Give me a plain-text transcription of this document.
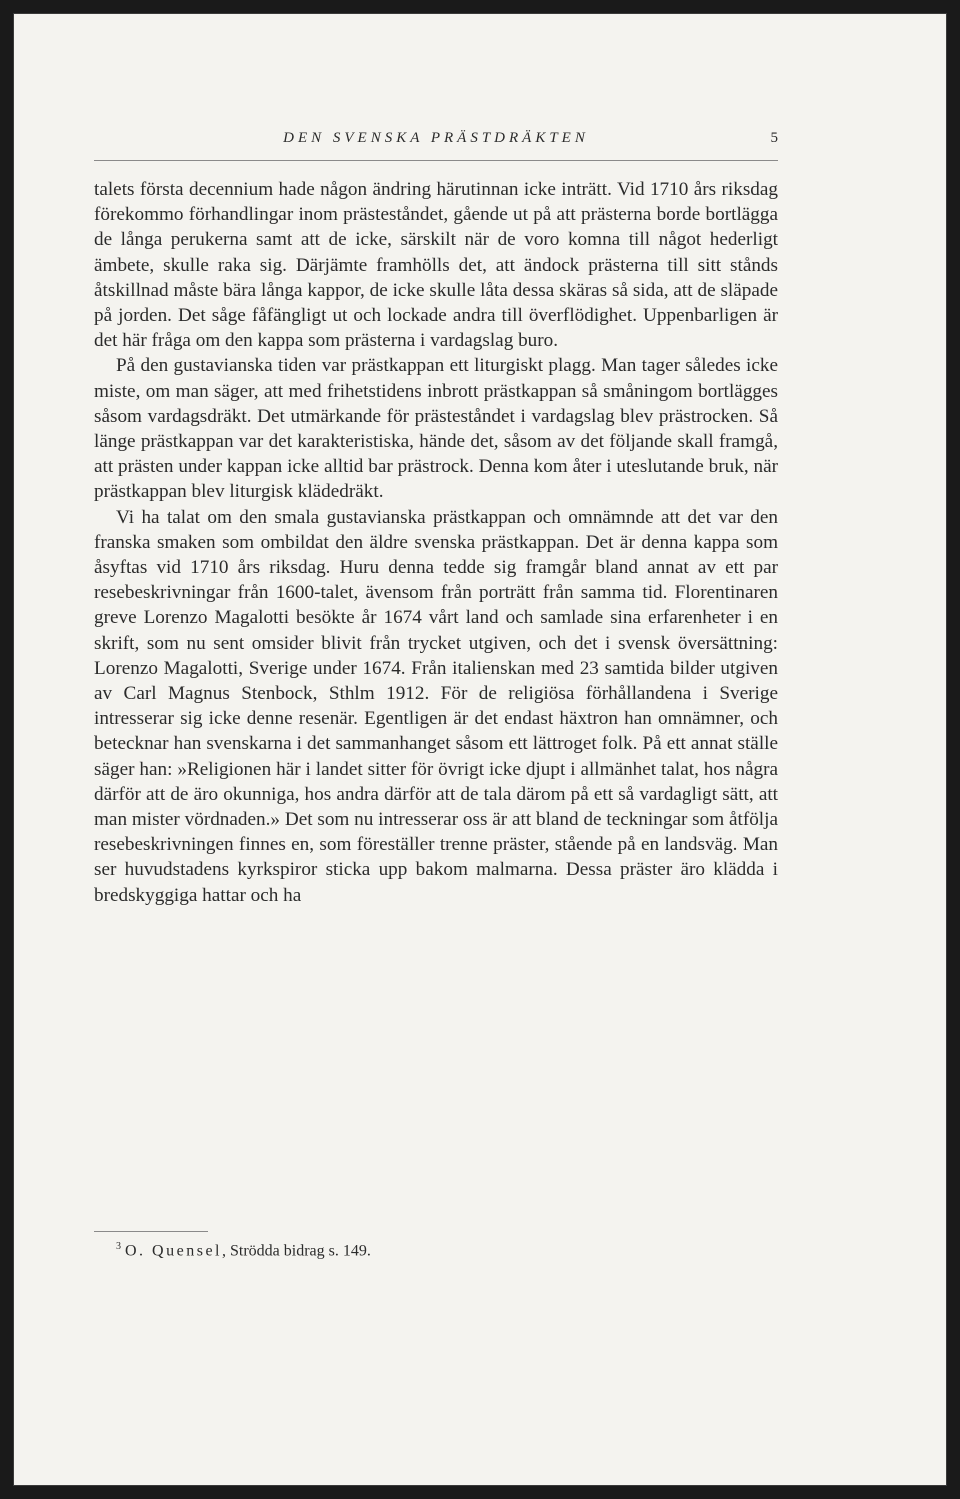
DEN SVENSKA PRÄSTDRÄKTEN	5

talets första decennium hade någon ändring härutinnan icke inträtt. Vid 1710 års riksdag förekommo förhandlingar inom prästeståndet, gående ut på att prästerna borde bortlägga de långa perukerna samt att de icke, särskilt när de voro komna till något hederligt ämbete, skulle raka sig. Därjämte framhölls det, att ändock prästerna till sitt stånds åtskillnad måste bära långa kappor, de icke skulle låta dessa skäras så sida, att de släpade på jorden. Det såge fåfängligt ut och lockade andra till överflödighet. Uppenbarligen är det här fråga om den kappa som prästerna i vardagslag buro.

På den gustavianska tiden var prästkappan ett liturgiskt plagg. Man tager således icke miste, om man säger, att med frihetstidens inbrott prästkappan så småningom bortlägges såsom vardagsdräkt. Det utmärkande för prästeståndet i vardagslag blev prästrocken. Så länge prästkappan var det karakteristiska, hände det, såsom av det följande skall framgå, att prästen under kappan icke alltid bar prästrock. Denna kom åter i uteslutande bruk, när prästkappan blev liturgisk klädedräkt.

Vi ha talat om den smala gustavianska prästkappan och omnämnde att det var den franska smaken som ombildat den äldre svenska prästkappan. Det är denna kappa som åsyftas vid 1710 års riksdag. Huru denna tedde sig framgår bland annat av ett par resebeskrivningar från 1600-talet, ävensom från porträtt från samma tid. Florentinaren greve Lorenzo Magalotti besökte år 1674 vårt land och samlade sina erfarenheter i en skrift, som nu sent omsider blivit från trycket utgiven, och det i svensk översättning: Lorenzo Magalotti, Sverige under 1674. Från italienskan med 23 samtida bilder utgiven av Carl Magnus Stenbock, Sthlm 1912. För de religiösa förhållandena i Sverige intresserar sig icke denne resenär. Egentligen är det endast häxtron han omnämner, och betecknar han svenskarna i det sammanhanget såsom ett lättroget folk. På ett annat ställe säger han: »Religionen här i landet sitter för övrigt icke djupt i allmänhet talat, hos några därför att de äro okunniga, hos andra därför att de tala därom på ett så vardagligt sätt, att man mister vördnaden.» Det som nu intresserar oss är att bland de teckningar som åtfölja resebeskrivningen finnes en, som föreställer trenne präster, stående på en landsväg. Man ser huvudstadens kyrkspiror sticka upp bakom malmarna. Dessa präster äro klädda i bredskyggiga hattar och ha

$^3$ O. Quensel, Strödda bidrag s. 149.
